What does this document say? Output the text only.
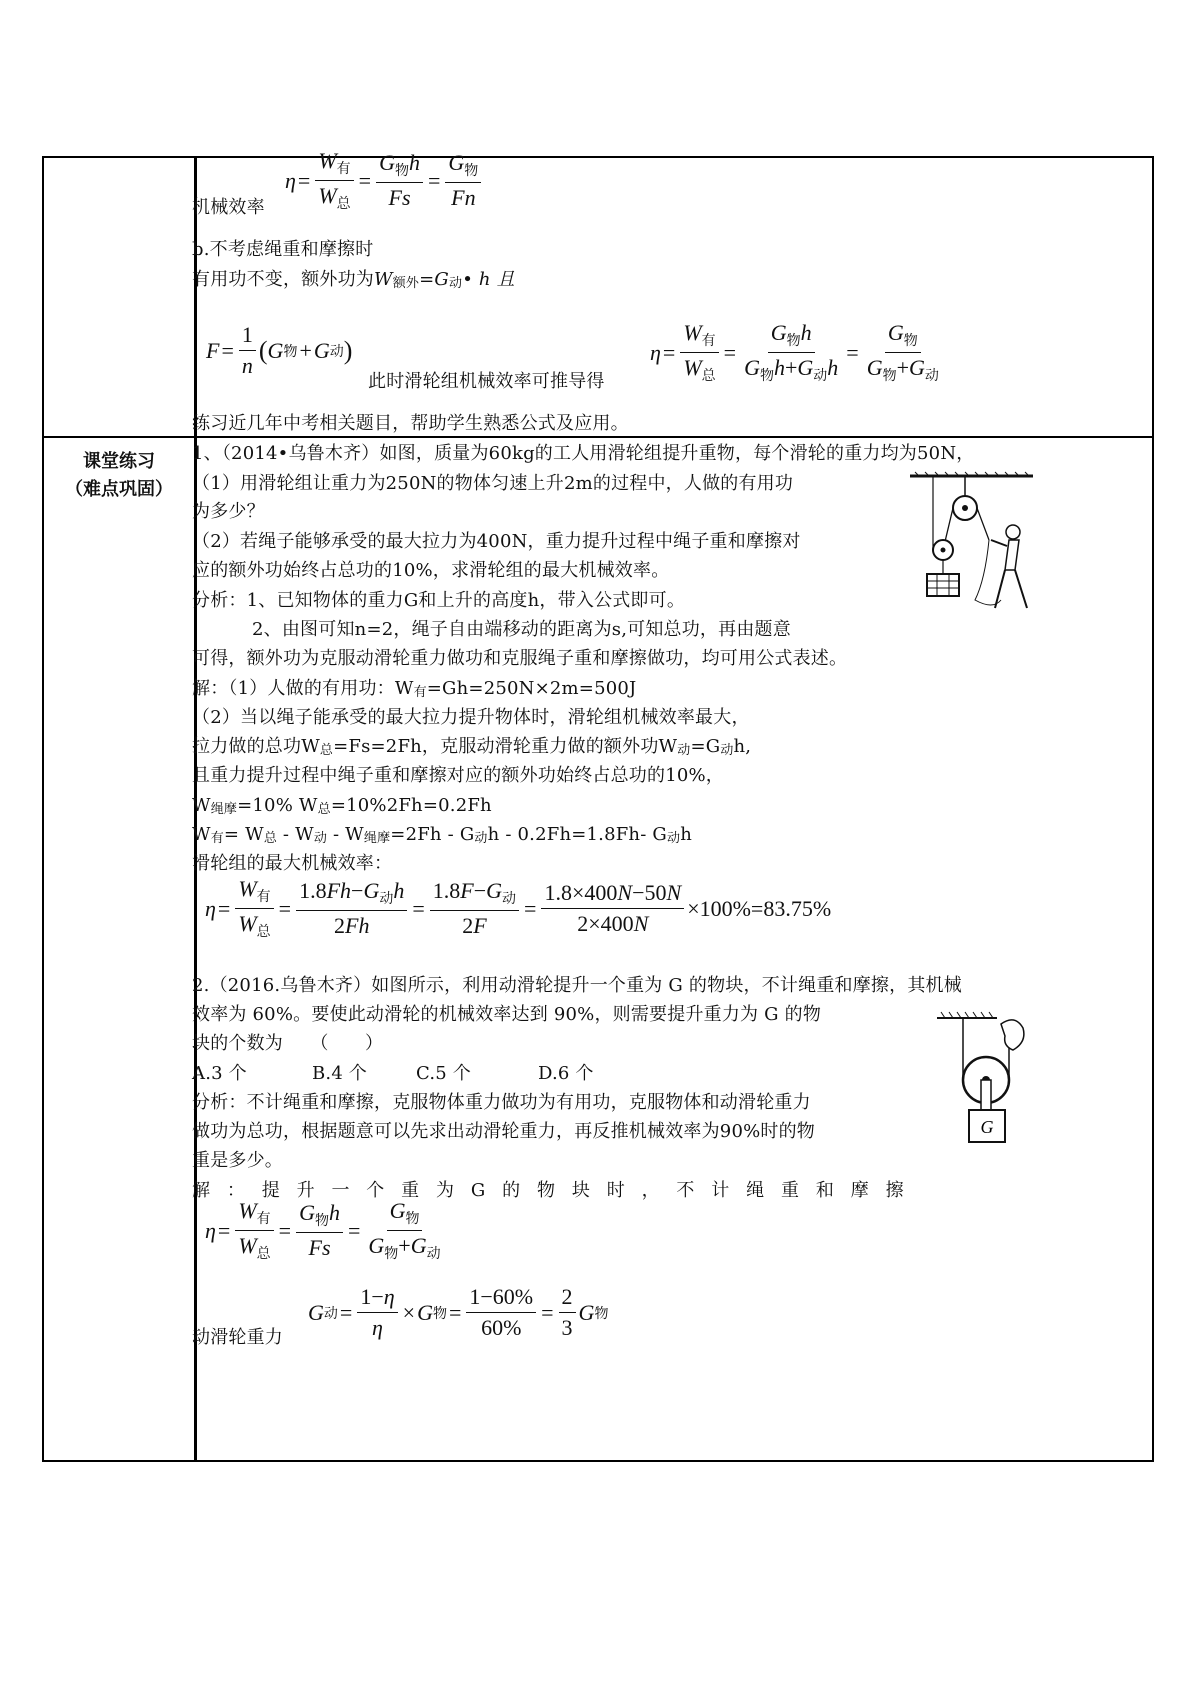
课堂练习
（难点巩固）
机械效率
$\eta = \frac{W_有}{W_总} = \frac{G_物h}{Fs} = \frac{G_物}{Fn}$
b.不考虑绳重和摩擦时
有用功不变，额外功为W额外=G动• h 且
$F = \frac{1}{n}$ ( G 物 + G 动 )
此时滑轮组机械效率可推导得
$\eta = \frac{W_有}{W_总} = \frac{G_物h}{G_物h+G_动h} = \frac{G_物}{G_物+G_动}$
练习近几年中考相关题目，帮助学生熟悉公式及应用。
1、（2014•乌鲁木齐）如图，质量为60kg的工人用滑轮组提升重物，每个滑轮的重力均为50N，
（1）用滑轮组让重力为250N的物体匀速上升2m的过程中，人做的有用功
为多少？
（2）若绳子能够承受的最大拉力为400N，重力提升过程中绳子重和摩擦对
应的额外功始终占总功的10%，求滑轮组的最大机械效率。
分析：1、已知物体的重力G和上升的高度h，带入公式即可。
2、由图可知n=2，绳子自由端移动的距离为s,可知总功，再由题意
可得，额外功为克服动滑轮重力做功和克服绳子重和摩擦做功，均可用公式表述。
解：（1）人做的有用功：W有=Gh=250N×2m=500J
（2）当以绳子能承受的最大拉力提升物体时，滑轮组机械效率最大，
拉力做的总功W总=Fs=2Fh，克服动滑轮重力做的额外功W动=G动h,
且重力提升过程中绳子重和摩擦对应的额外功始终占总功的10%，
W绳摩=10% W总=10%2Fh=0.2Fh
W有= W总 - W动 - W绳摩=2Fh - G动h - 0.2Fh=1.8Fh- G动h
滑轮组的最大机械效率：
$\eta = \frac{W_有}{W_总} = \frac{1.8Fh-G_动h}{2Fh} = \frac{1.8F-G_动}{2F} = \frac{1.8\times 400N-50N}{2\times 400N} \times 100\%=83.75\%$
2.（2016.乌鲁木齐）如图所示，利用动滑轮提升一个重为 G 的物块，不计绳重和摩擦，其机械
效率为 60%。要使此动滑轮的机械效率达到 90%，则需要提升重力为 G 的物
块的个数为　　（　　）
A.3 个	B.4 个	C.5 个	D.6 个
分析：不计绳重和摩擦，克服物体重力做功为有用功，克服物体和动滑轮重力
做功为总功，根据题意可以先求出动滑轮重力，再反推机械效率为90%时的物
重是多少。
解 ： 提 升 一 个 重 为 G 的 物 块 时 ， 不 计 绳 重 和 摩 擦
$\eta = \frac{W_有}{W_总} = \frac{G_物h}{Fs} = \frac{G_物}{G_物+G_动}$
动滑轮重力
G 动 = $\frac{1-\eta}{\eta} \times G$ 物 = $\frac{1-60\%}{60\%} = \frac{2}{3}$ G 物
G
